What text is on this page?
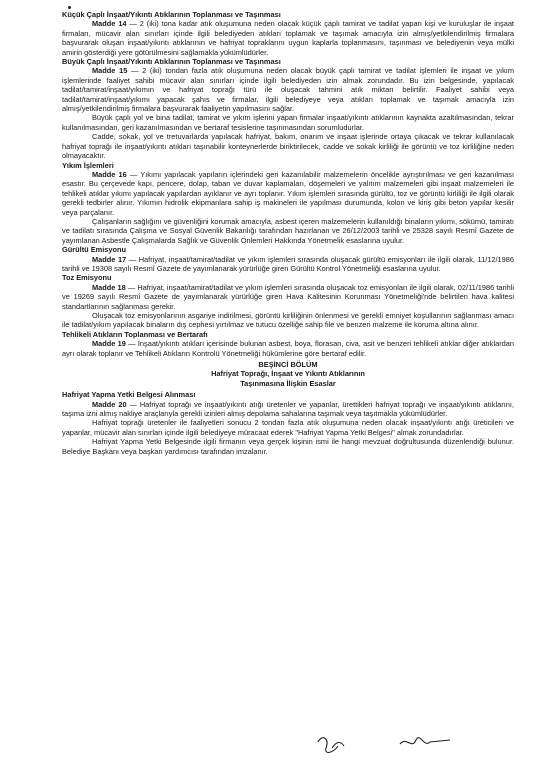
Küçük Çaplı İnşaat/Yıkıntı Atıklarının Toplanması ve Taşınması

Madde 14 — 2 (iki) tona kadar atık oluşumuna neden olacak küçük çaplı tamirat ve tadilat yapan kişi ve kuruluşlar ile inşaat firmaları, mücavir alan sınırları içinde ilgili belediyeden atıkları toplamak ve taşımak amacıyla izin almış/yetkilendirilmiş firmalara başvurarak oluşan inşaat/yıkıntı atıklarının ve hafriyat topraklarını uygun kaplarla toplanmasını, taşınması ve belediyenin veya mülki amirin gösterdiği yere götürülmesini sağlamakla yükümlüdürler.

Büyük Çaplı İnşaat/Yıkıntı Atıklarının Toplanması ve Taşınması

Madde 15 — 2 (iki) tondan fazla atık oluşumuna neden olacak büyük çaplı tamirat ve tadilat işlemleri ile inşaat ve yıkım işlemlerinde faaliyet sahibi mücavir alan sınırları içinde ilgili belediyeden izin almak zorundadır. Bu izin belgesinde, yapılacak tadilat/tamirat/inşaat/yıkımın ve hafriyat toprağı türü ile oluşacak tahmini atık miktarı belirtilir. Faaliyet sahibi veya tadilat/tamirat/inşaat/yıkımı yapacak şahıs ve firmalar, ilgili belediyeye veya atıkları toplamak ve taşımak amacıyla izin almış/yetkilendirilmiş firmalara başvurarak faaliyetin yapılmasını sağlar.

Büyük çaplı yol ve bina tadilat, tamirat ve yıkım işlerini yapan firmalar inşaat/yıkıntı atıklarının kaynakta azaltılmasından, tekrar kullanılmasından, geri kazanılmasından ve bertaraf tesislerine taşınmasından sorumludurlar.

Cadde, sokak, yol ve tretuvarlarda yapılacak hafriyat, bakım, onarım ve inşaat işlerinde ortaya çıkacak ve tekrar kullanılacak hafriyat toprağı ile inşaat/yıkıntı atıkları taşınabilir konteynerlerde biriktirilecek, cadde ve sokak kirliliği ile görüntü ve toz kirliliğine neden olmayacaktır.

Yıkım İşlemleri

Madde 16 — Yıkımı yapılacak yapıların içlerindeki geri kazanılabilir malzemelerin öncelikle ayrıştırılması ve geri kazanılması esastır. Bu çerçevede kapı, pencere, dolap, taban ve duvar kaplamaları, döşemeleri ve yalıtım malzemeleri gibi inşaat malzemeleri ile tehlikeli atıklar yıkımı yapılacak yapılardan ayıklanır ve ayrı toplanır. Yıkım işlemleri sırasında gürültü, toz ve görüntü kirliliği ile ilgili olarak gerekli tedbirler alınır. Yıkımın hidrolik ekipmanlara sahip iş makineleri ile yapılması durumunda, kolon ve kiriş gibi beton yapılar kesilir veya parçalanır.

Çalışanların sağlığını ve güvenliğini korumak amacıyla, asbest içeren malzemelerin kullanıldığı binaların yıkımı, sökümü, tamiratı ve tadilatı sırasında Çalışma ve Sosyal Güvenlik Bakanlığı tarafından hazırlanan ve 26/12/2003 tarihli ve 25328 sayılı Resmî Gazete de yayımlanan Asbestle Çalışmalarda Sağlık ve Güvenlik Önlemleri Hakkında Yönetmelik esaslarına uyulur.

Gürültü Emisyonu

Madde 17 — Hafriyat, inşaat/tamirat/tadilat ve yıkım işlemleri sırasında oluşacak gürültü emisyonları ile ilgili olarak, 11/12/1986 tarihli ve 19308 sayılı Resmî Gazete de yayımlanarak yürürlüğe giren Gürültü Kontrol Yönetmeliği esaslarına uyulur.

Toz Emisyonu

Madde 18 — Hafriyat, inşaat/tamirat/tadilat ve yıkım işlemleri sırasında oluşacak toz emisyonları ile ilgili olarak, 02/11/1986 tarihli ve 19269 sayılı Resmî Gazete de yayımlanarak yürürlüğe giren Hava Kalitesinin Korunması Yönetmeliği'nde belirtilen hava kalitesi standartlarının sağlanması gerekir.

Oluşacak toz emisyonlarının asgariye indirilmesi, görüntü kirliliğinin önlenmesi ve gerekli emniyet koşullarının sağlanması amacı ile tadilat/yıkım yapılacak binaların dış cephesi yırtılmaz ve tutucu özelliğe sahip file ve benzeri malzeme ile koruma altına alınır.

Tehlikeli Atıkların Toplanması ve Bertarafı

Madde 19 — İnşaat/yıkıntı atıkları içerisinde bulunan asbest, boya, florasan, civa, asit ve benzeri tehlikeli atıklar diğer atıklardan ayrı olarak toplanır ve Tehlikeli Atıkların Kontrolü Yönetmeliği hükümlerine göre bertaraf edilir.

BEŞİNCİ BÖLÜM

Hafriyat Toprağı, İnşaat ve Yıkıntı Atıklarının

Taşınmasına İlişkin Esaslar

Hafriyat Yapma Yetki Belgesi Alınması

Madde 20 — Hafriyat toprağı ve inşaat/yıkıntı atığı üretenler ve yapanlar, ürettikleri hafriyat toprağı ve inşaat/yıkıntı atıklarını, taşıma izni almış nakliye araçlarıyla gerekli izinleri almış depolama sahalarına taşımak veya taşıtmakla yükümlüdürler.

Hafriyat toprağı üretenler ile faaliyetleri sonucu 2 tondan fazla atık oluşumuna neden olacak inşaat/yıkıntı atığı üreticileri ve yapanlar, mücavir alan sınırları içinde ilgili belediyeye müracaat ederek "Hafriyat Yapma Yetki Belgesi" almak zorundadırlar.

Hafriyat Yapma Yetki Belgesinde ilgili firmanın veya gerçek kişinin ismi ile hangi mevzuat doğrultusunda düzenlendiği bulunur. Belediye Başkanı veya başkan yardımcısı tarafından imzalanır.
